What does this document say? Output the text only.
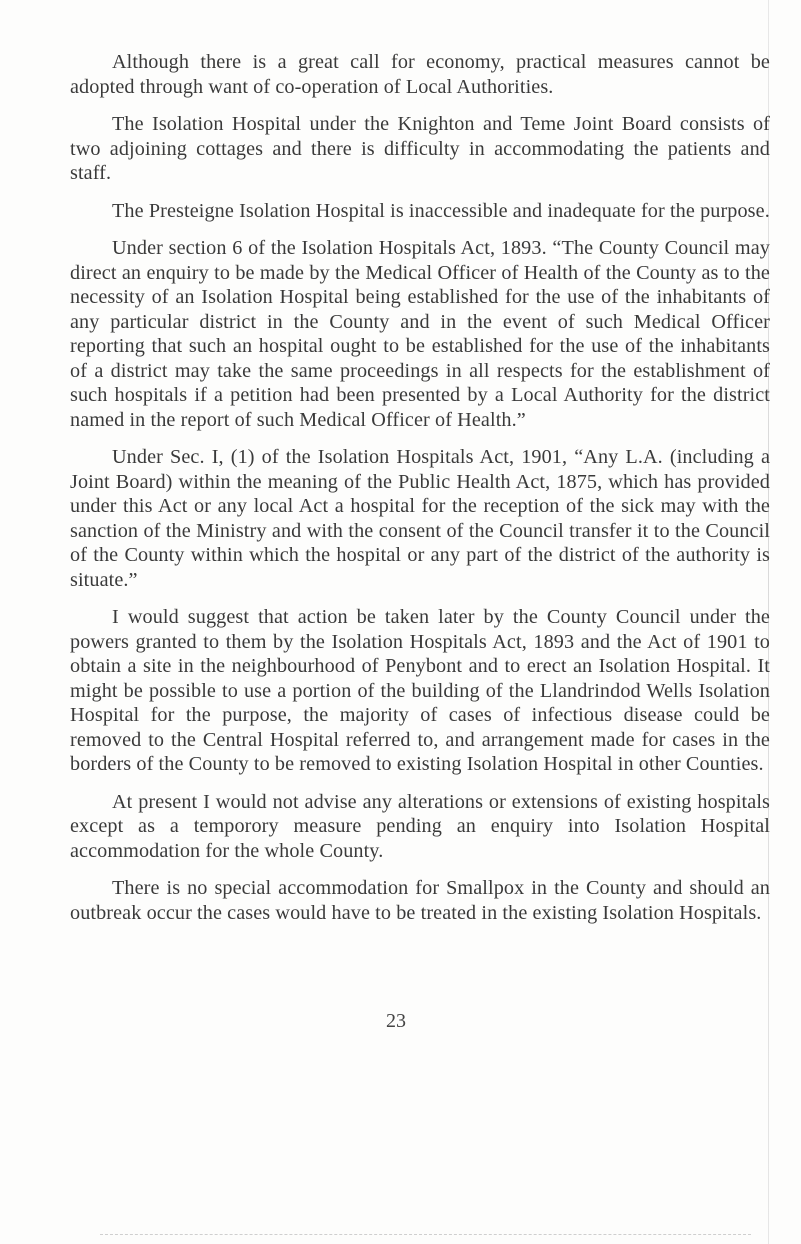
Although there is a great call for economy, practical measures cannot be adopted through want of co-operation of Local Authorities.

The Isolation Hospital under the Knighton and Teme Joint Board consists of two adjoining cottages and there is difficulty in accommodating the patients and staff.

The Presteigne Isolation Hospital is inaccessible and inadequate for the purpose.

Under section 6 of the Isolation Hospitals Act, 1893. “The County Council may direct an enquiry to be made by the Medical Officer of Health of the County as to the necessity of an Isolation Hospital being established for the use of the inhabitants of any particular district in the County and in the event of such Medical Officer reporting that such an hospital ought to be established for the use of the inhabitants of a district may take the same proceedings in all respects for the establishment of such hospitals if a petition had been presented by a Local Authority for the district named in the report of such Medical Officer of Health.”

Under Sec. I, (1) of the Isolation Hospitals Act, 1901, “Any L.A. (including a Joint Board) within the meaning of the Public Health Act, 1875, which has provided under this Act or any local Act a hospital for the reception of the sick may with the sanction of the Ministry and with the consent of the Council transfer it to the Council of the County within which the hospital or any part of the district of the authority is situate.”

I would suggest that action be taken later by the County Council under the powers granted to them by the Isolation Hospitals Act, 1893 and the Act of 1901 to obtain a site in the neighbourhood of Penybont and to erect an Isolation Hospital. It might be possible to use a portion of the building of the Llandrindod Wells Isolation Hospital for the purpose, the majority of cases of infectious disease could be removed to the Central Hospital referred to, and arrangement made for cases in the borders of the County to be removed to existing Isolation Hospital in other Counties.

At present I would not advise any alterations or extensions of existing hospitals except as a temporory measure pending an enquiry into Isolation Hospital accommodation for the whole County.

There is no special accommodation for Smallpox in the County and should an outbreak occur the cases would have to be treated in the existing Isolation Hospitals.

23
